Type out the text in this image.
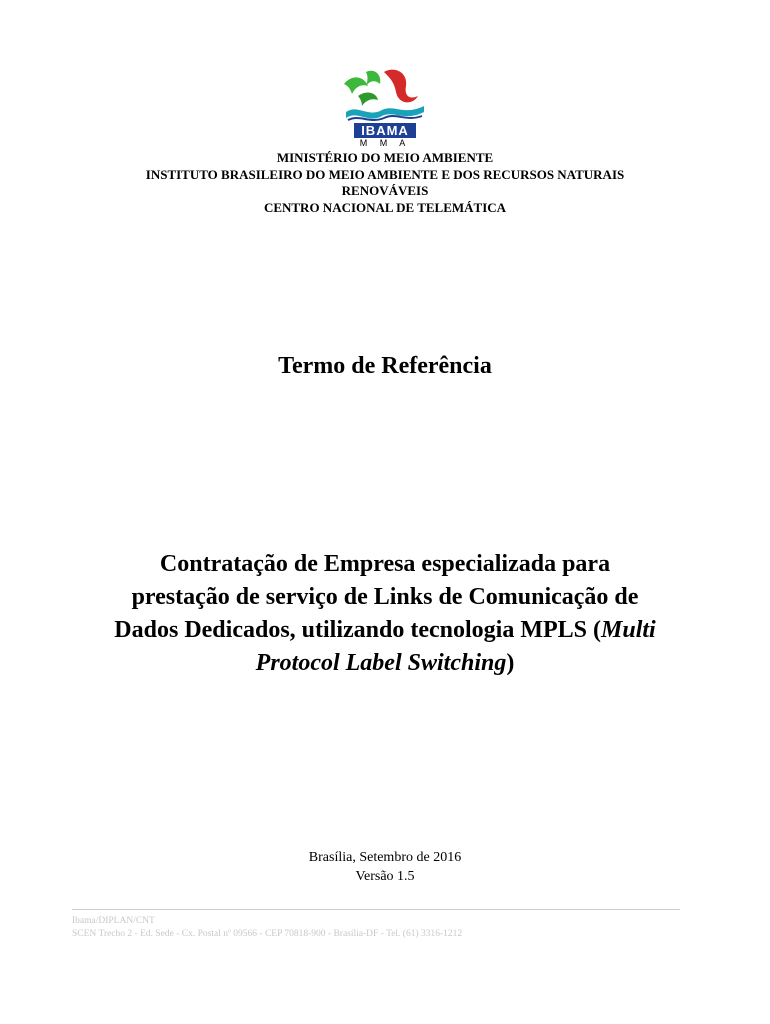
IBAMA
M M A
MINISTÉRIO DO MEIO AMBIENTE
INSTITUTO BRASILEIRO DO MEIO AMBIENTE E DOS RECURSOS NATURAIS
RENOVÁVEIS
CENTRO NACIONAL DE TELEMÁTICA
Termo de Referência
Contratação de Empresa especializada para
prestação de serviço de Links de Comunicação de
Dados Dedicados, utilizando tecnologia MPLS (Multi
Protocol Label Switching)
Brasília, Setembro de 2016
Versão 1.5
Ibama/DIPLAN/CNT
SCEN Trecho 2 - Ed. Sede - Cx. Postal nº 09566 - CEP 70818-900 - Brasília-DF - Tel. (61) 3316-1212
